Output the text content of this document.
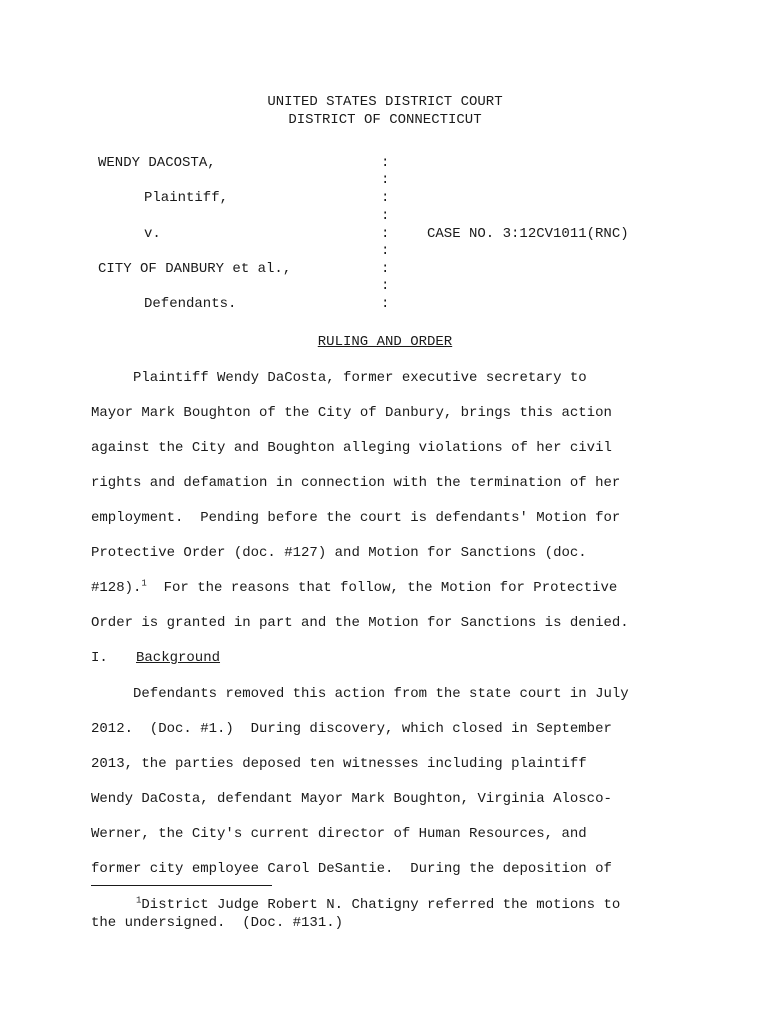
UNITED STATES DISTRICT COURT
DISTRICT OF CONNECTICUT
WENDY DACOSTA,
Plaintiff,
v.
CITY OF DANBURY et al.,
Defendants.
:
:
:
:
:
:
:
:
:
CASE NO. 3:12CV1011(RNC)
RULING AND ORDER
Plaintiff Wendy DaCosta, former executive secretary to
Mayor Mark Boughton of the City of Danbury, brings this action
against the City and Boughton alleging violations of her civil
rights and defamation in connection with the termination of her
employment.  Pending before the court is defendants' Motion for
Protective Order (doc. #127) and Motion for Sanctions (doc.
#128).$^1$  For the reasons that follow, the Motion for Protective
Order is granted in part and the Motion for Sanctions is denied.
I. Background
Defendants removed this action from the state court in July
2012.  (Doc. #1.)  During discovery, which closed in September
2013, the parties deposed ten witnesses including plaintiff
Wendy DaCosta, defendant Mayor Mark Boughton, Virginia Alosco-
Werner, the City's current director of Human Resources, and
former city employee Carol DeSantie.  During the deposition of
$^1$District Judge Robert N. Chatigny referred the motions to
the undersigned.  (Doc. #131.)
